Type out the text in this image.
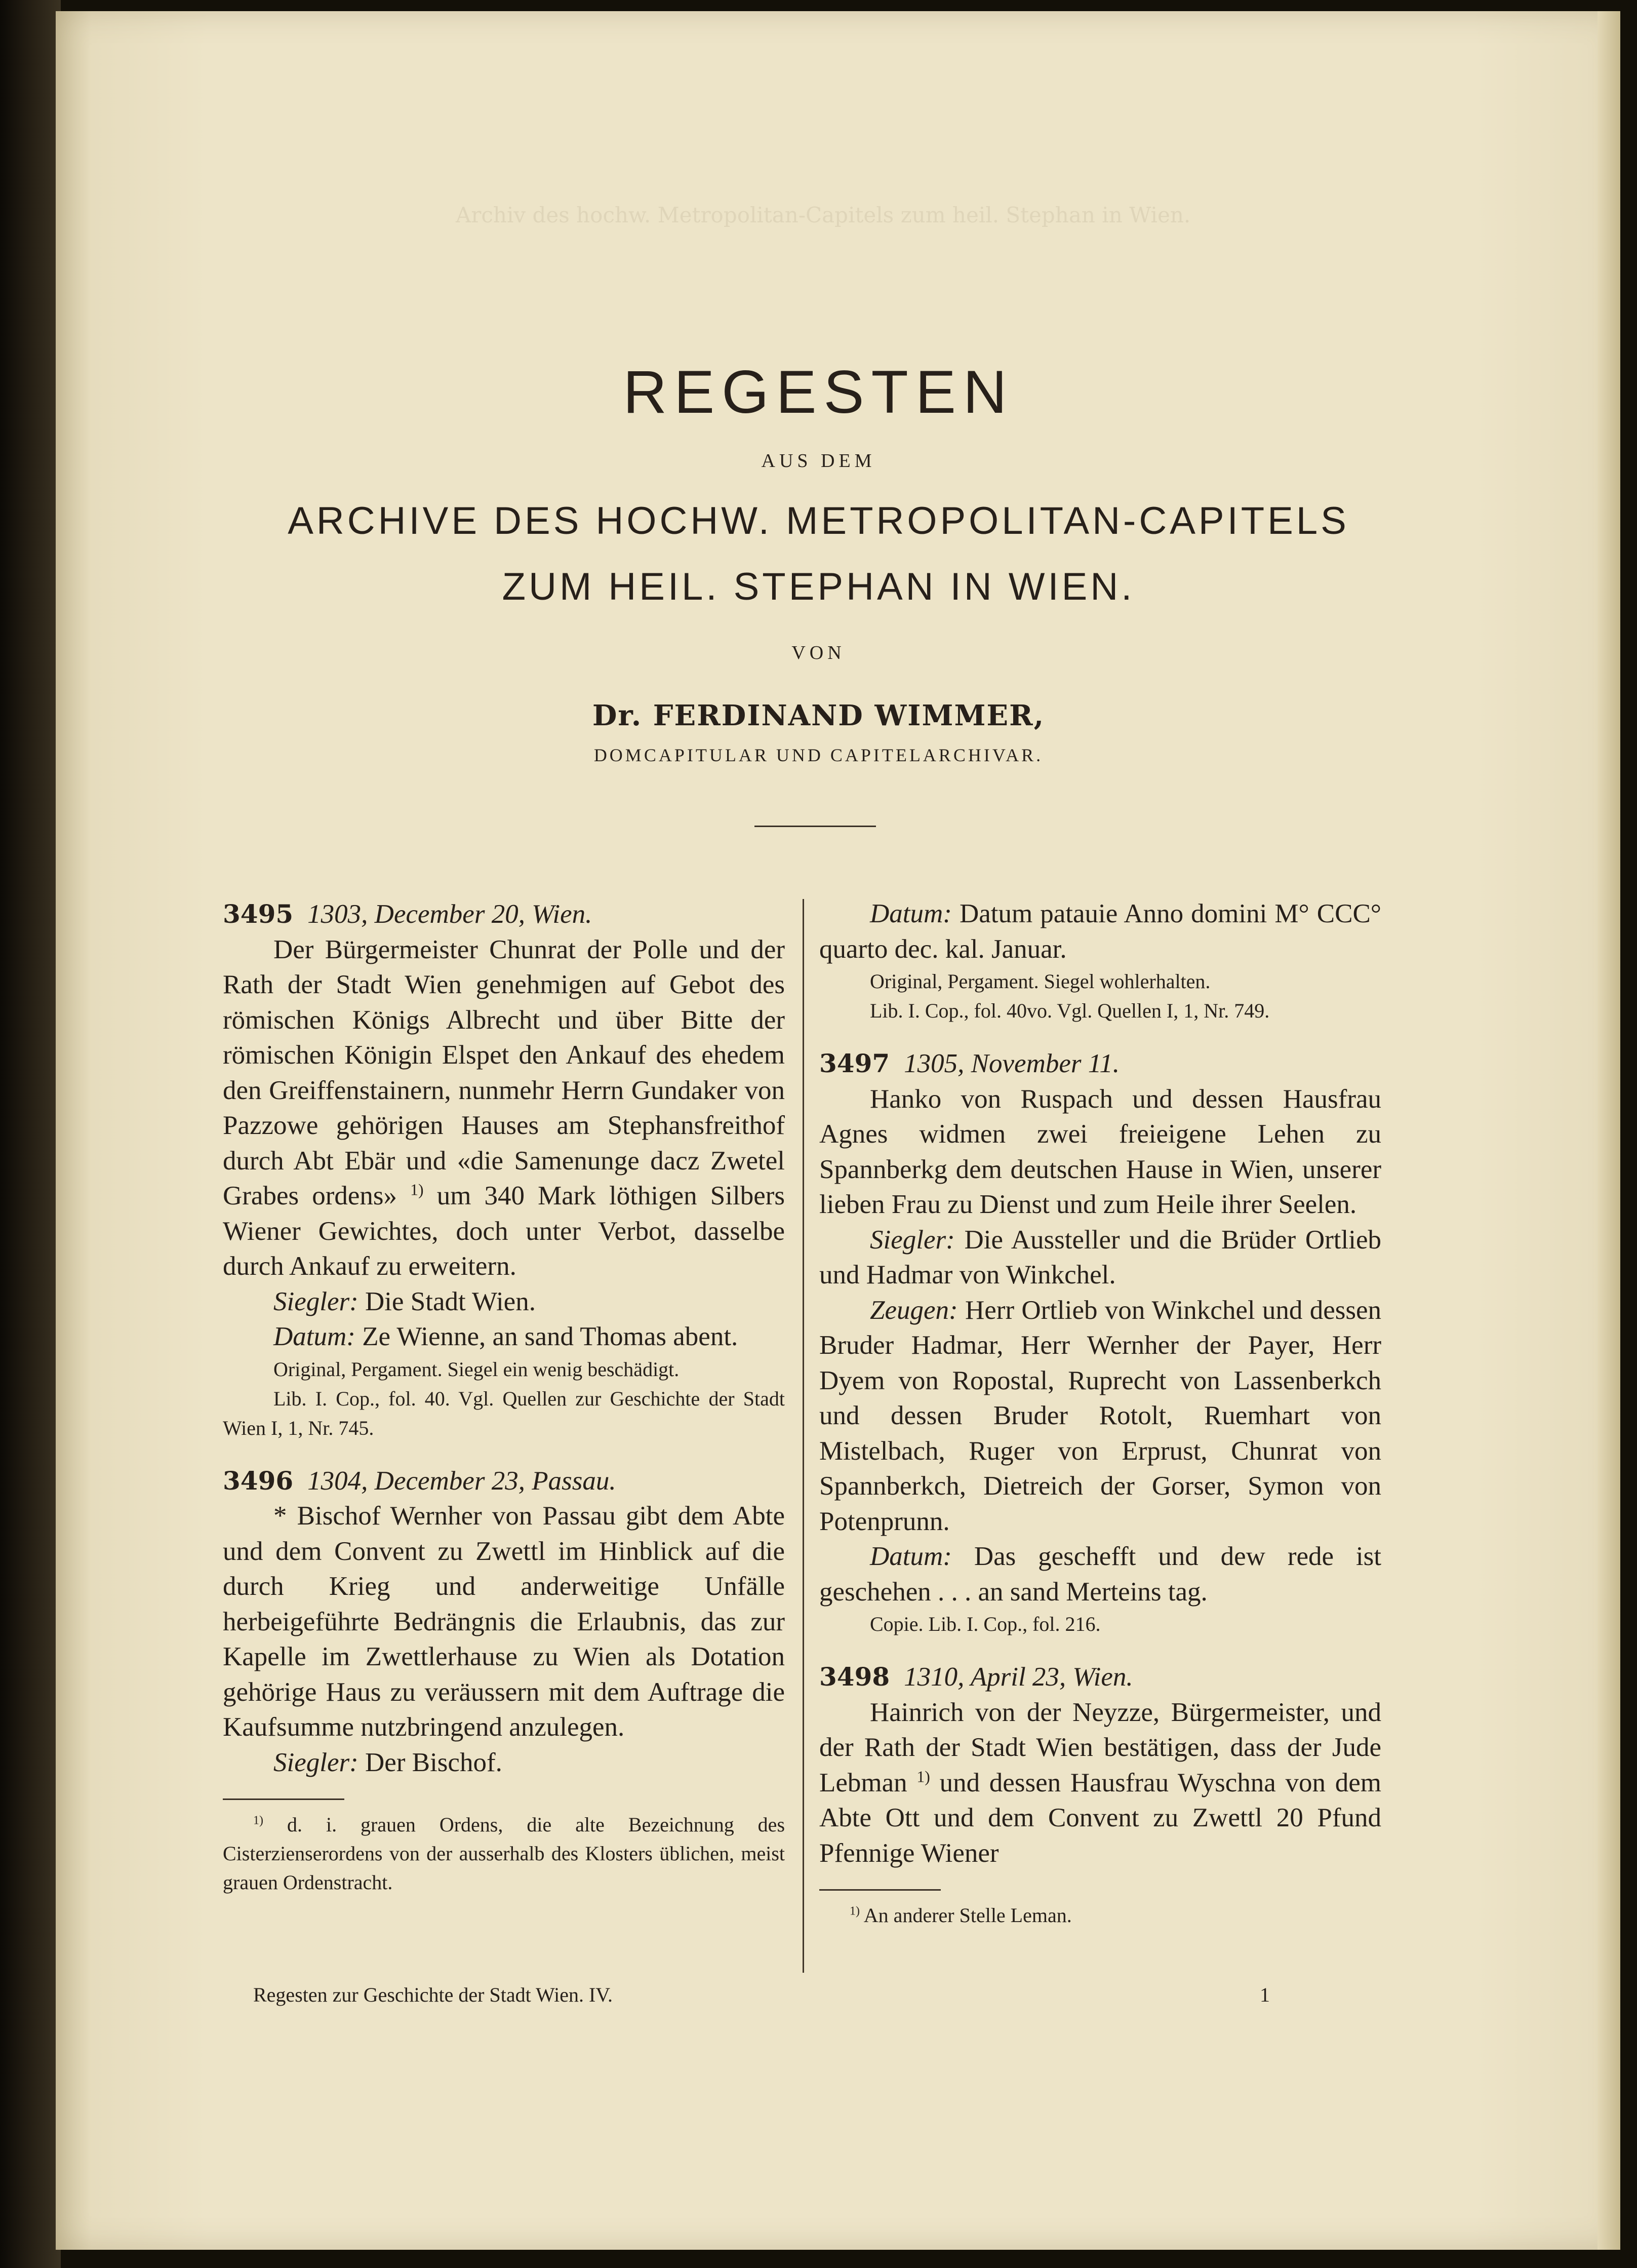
Archiv des hochw. Metropolitan-Capitels zum heil. Stephan in Wien.
REGESTEN
AUS DEM
ARCHIVE DES HOCHW. METROPOLITAN-CAPITELS
ZUM HEIL. STEPHAN IN WIEN.
VON
Dr. FERDINAND WIMMER,
DOMCAPITULAR UND CAPITELARCHIVAR.

3495 1303, December 20, Wien.

Der Bürgermeister Chunrat der Polle und der Rath der Stadt Wien genehmigen auf Gebot des römischen Königs Albrecht und über Bitte der römischen Königin Elspet den Ankauf des ehedem den Greiffenstainern, nunmehr Herrn Gundaker von Pazzowe gehörigen Hauses am Stephansfreithof durch Abt Ebär und «die Samenunge dacz Zwetel Grabes ordens» $^{1)}$ um 340 Mark löthigen Silbers Wiener Gewichtes, doch unter Verbot, dasselbe durch Ankauf zu erweitern.

Siegler: Die Stadt Wien.

Datum: Ze Wienne, an sand Thomas abent.

Original, Pergament. Siegel ein wenig beschädigt.

Lib. I. Cop., fol. 40. Vgl. Quellen zur Geschichte der Stadt Wien I, 1, Nr. 745.

3496 1304, December 23, Passau.

* Bischof Wernher von Passau gibt dem Abte und dem Convent zu Zwettl im Hinblick auf die durch Krieg und anderweitige Unfälle herbeigeführte Bedrängnis die Erlaubnis, das zur Kapelle im Zwettlerhause zu Wien als Dotation gehörige Haus zu veräussern mit dem Auftrage die Kaufsumme nutzbringend anzulegen.

Siegler: Der Bischof.

$^{1)}$ d. i. grauen Ordens, die alte Bezeichnung des Cisterzienserordens von der ausserhalb des Klosters üblichen, meist grauen Ordenstracht.

Datum: Datum patauie Anno domini M° CCC° quarto dec. kal. Januar.

Original, Pergament. Siegel wohlerhalten.

Lib. I. Cop., fol. 40vo. Vgl. Quellen I, 1, Nr. 749.

3497 1305, November 11.

Hanko von Ruspach und dessen Hausfrau Agnes widmen zwei freieigene Lehen zu Spannberkg dem deutschen Hause in Wien, unserer lieben Frau zu Dienst und zum Heile ihrer Seelen.

Siegler: Die Aussteller und die Brüder Ortlieb und Hadmar von Winkchel.

Zeugen: Herr Ortlieb von Winkchel und dessen Bruder Hadmar, Herr Wernher der Payer, Herr Dyem von Ropostal, Ruprecht von Lassenberkch und dessen Bruder Rotolt, Ruemhart von Mistelbach, Ruger von Erprust, Chunrat von Spannberkch, Dietreich der Gorser, Symon von Potenprunn.

Datum: Das geschefft und dew rede ist geschehen . . . an sand Merteins tag.

Copie. Lib. I. Cop., fol. 216.

3498 1310, April 23, Wien.

Hainrich von der Neyzze, Bürgermeister, und der Rath der Stadt Wien bestätigen, dass der Jude Lebman $^{1)}$ und dessen Hausfrau Wyschna von dem Abte Ott und dem Convent zu Zwettl 20 Pfund Pfennige Wiener

$^{1)}$ An anderer Stelle Leman.

Regesten zur Geschichte der Stadt Wien. IV.	1
